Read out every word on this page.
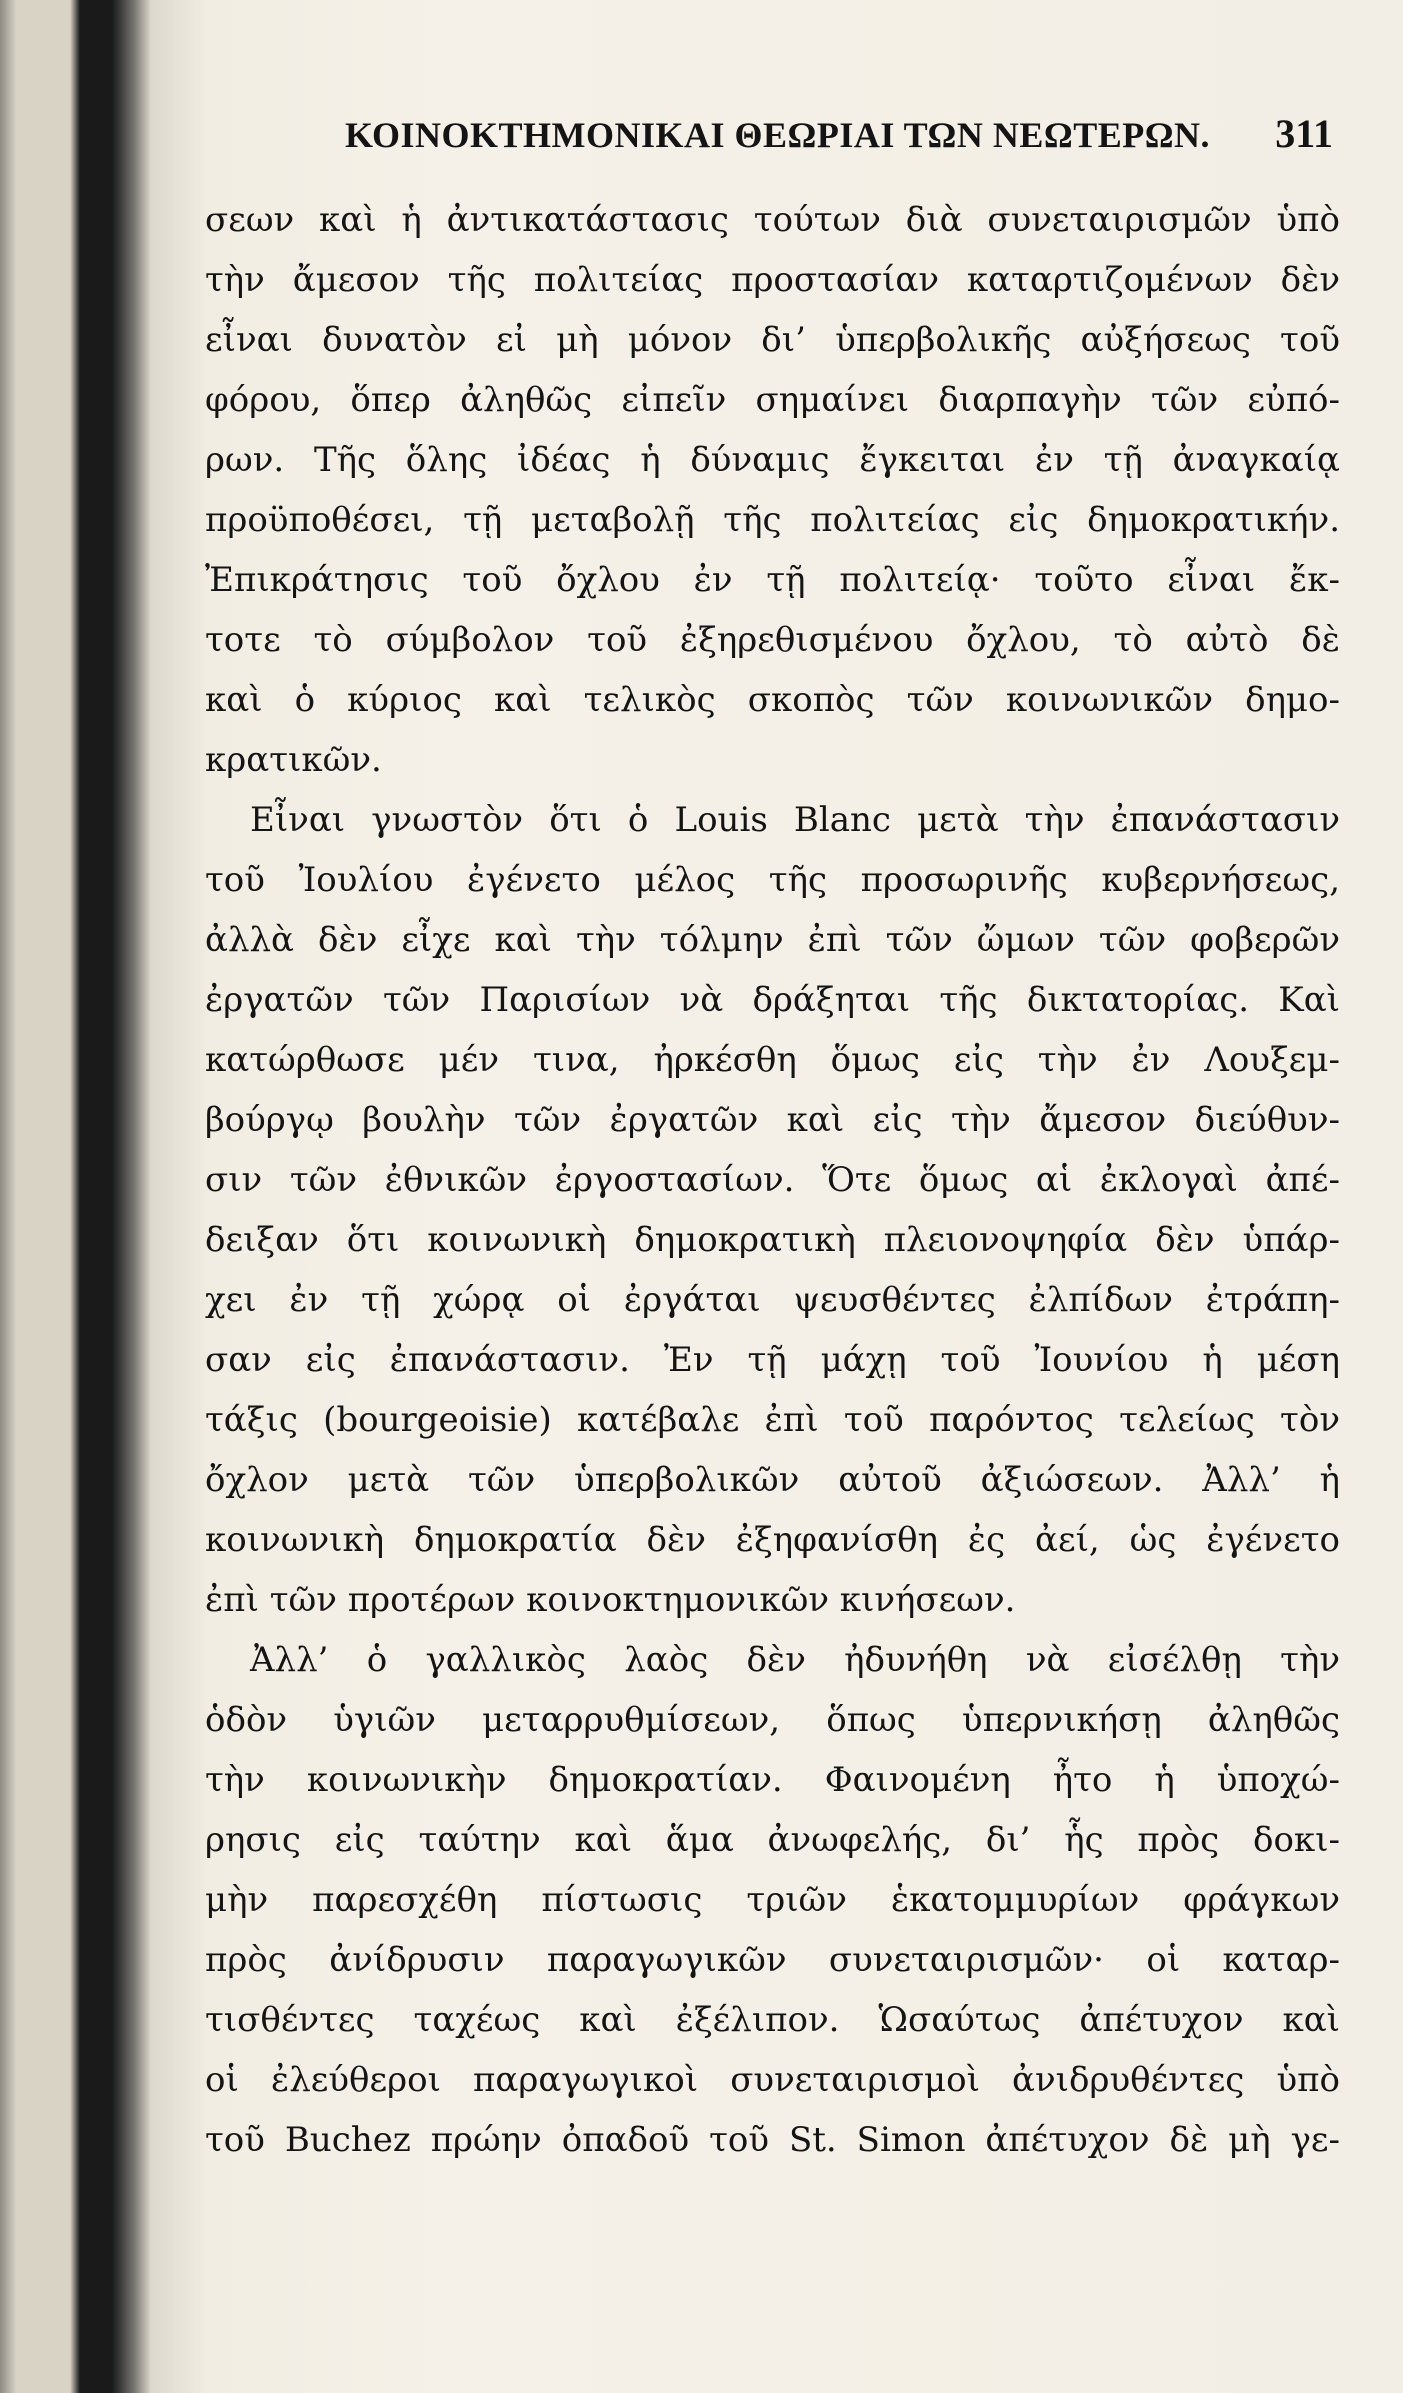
ΚΟΙΝΟΚΤΗΜΟΝΙΚΑΙ ΘΕΩΡΙΑΙ ΤΩΝ ΝΕΩΤΕΡΩΝ. 311
σεων καὶ ἡ ἀντικατάστασις τούτων διὰ συνεταιρισμῶν ὑπὸ
τὴν ἄμεσον τῆς πολιτείας προστασίαν καταρτιζομένων δὲν
εἶναι δυνατὸν εἰ μὴ μόνον δι’ ὑπερβολικῆς αὐξήσεως τοῦ
φόρου, ὅπερ ἀληθῶς εἰπεῖν σημαίνει διαρπαγὴν τῶν εὐπό-
ρων. Τῆς ὅλης ἰδέας ἡ δύναμις ἔγκειται ἐν τῇ ἀναγκαίᾳ
προϋποθέσει, τῇ μεταβολῇ τῆς πολιτείας εἰς δημοκρατικήν.
Ἐπικράτησις τοῦ ὄχλου ἐν τῇ πολιτείᾳ· τοῦτο εἶναι ἔκ-
τοτε τὸ σύμβολον τοῦ ἐξηρεθισμένου ὄχλου, τὸ αὐτὸ δὲ
καὶ ὁ κύριος καὶ τελικὸς σκοπὸς τῶν κοινωνικῶν δημο-
κρατικῶν.
Εἶναι γνωστὸν ὅτι ὁ Louis Blanc μετὰ τὴν ἐπανάστασιν
τοῦ Ἰουλίου ἐγένετο μέλος τῆς προσωρινῆς κυβερνήσεως,
ἀλλὰ δὲν εἶχε καὶ τὴν τόλμην ἐπὶ τῶν ὤμων τῶν φοβερῶν
ἐργατῶν τῶν Παρισίων νὰ δράξηται τῆς δικτατορίας. Καὶ
κατώρθωσε μέν τινα, ἠρκέσθη ὅμως εἰς τὴν ἐν Λουξεμ-
βούργῳ βουλὴν τῶν ἐργατῶν καὶ εἰς τὴν ἄμεσον διεύθυν-
σιν τῶν ἐθνικῶν ἐργοστασίων. Ὅτε ὅμως αἱ ἐκλογαὶ ἀπέ-
δειξαν ὅτι κοινωνικὴ δημοκρατικὴ πλειονοψηφία δὲν ὑπάρ-
χει ἐν τῇ χώρᾳ οἱ ἐργάται ψευσθέντες ἐλπίδων ἐτράπη-
σαν εἰς ἐπανάστασιν. Ἐν τῇ μάχῃ τοῦ Ἰουνίου ἡ μέση
τάξις (bourgeoisie) κατέβαλε ἐπὶ τοῦ παρόντος τελείως τὸν
ὄχλον μετὰ τῶν ὑπερβολικῶν αὐτοῦ ἀξιώσεων. Ἀλλ’ ἡ
κοινωνικὴ δημοκρατία δὲν ἐξηφανίσθη ἐς ἀεί, ὡς ἐγένετο
ἐπὶ τῶν προτέρων κοινοκτημονικῶν κινήσεων.
Ἀλλ’ ὁ γαλλικὸς λαὸς δὲν ἠδυνήθη νὰ εἰσέλθῃ τὴν
ὁδὸν ὑγιῶν μεταρρυθμίσεων, ὅπως ὑπερνικήσῃ ἀληθῶς
τὴν κοινωνικὴν δημοκρατίαν. Φαινομένη ἦτο ἡ ὑποχώ-
ρησις εἰς ταύτην καὶ ἅμα ἀνωφελής, δι’ ἧς πρὸς δοκι-
μὴν παρεσχέθη πίστωσις τριῶν ἑκατομμυρίων φράγκων
πρὸς ἀνίδρυσιν παραγωγικῶν συνεταιρισμῶν· οἱ καταρ-
τισθέντες ταχέως καὶ ἐξέλιπον. Ὡσαύτως ἀπέτυχον καὶ
οἱ ἐλεύθεροι παραγωγικοὶ συνεταιρισμοὶ ἀνιδρυθέντες ὑπὸ
τοῦ Buchez πρώην ὀπαδοῦ τοῦ St. Simon ἀπέτυχον δὲ μὴ γε-
